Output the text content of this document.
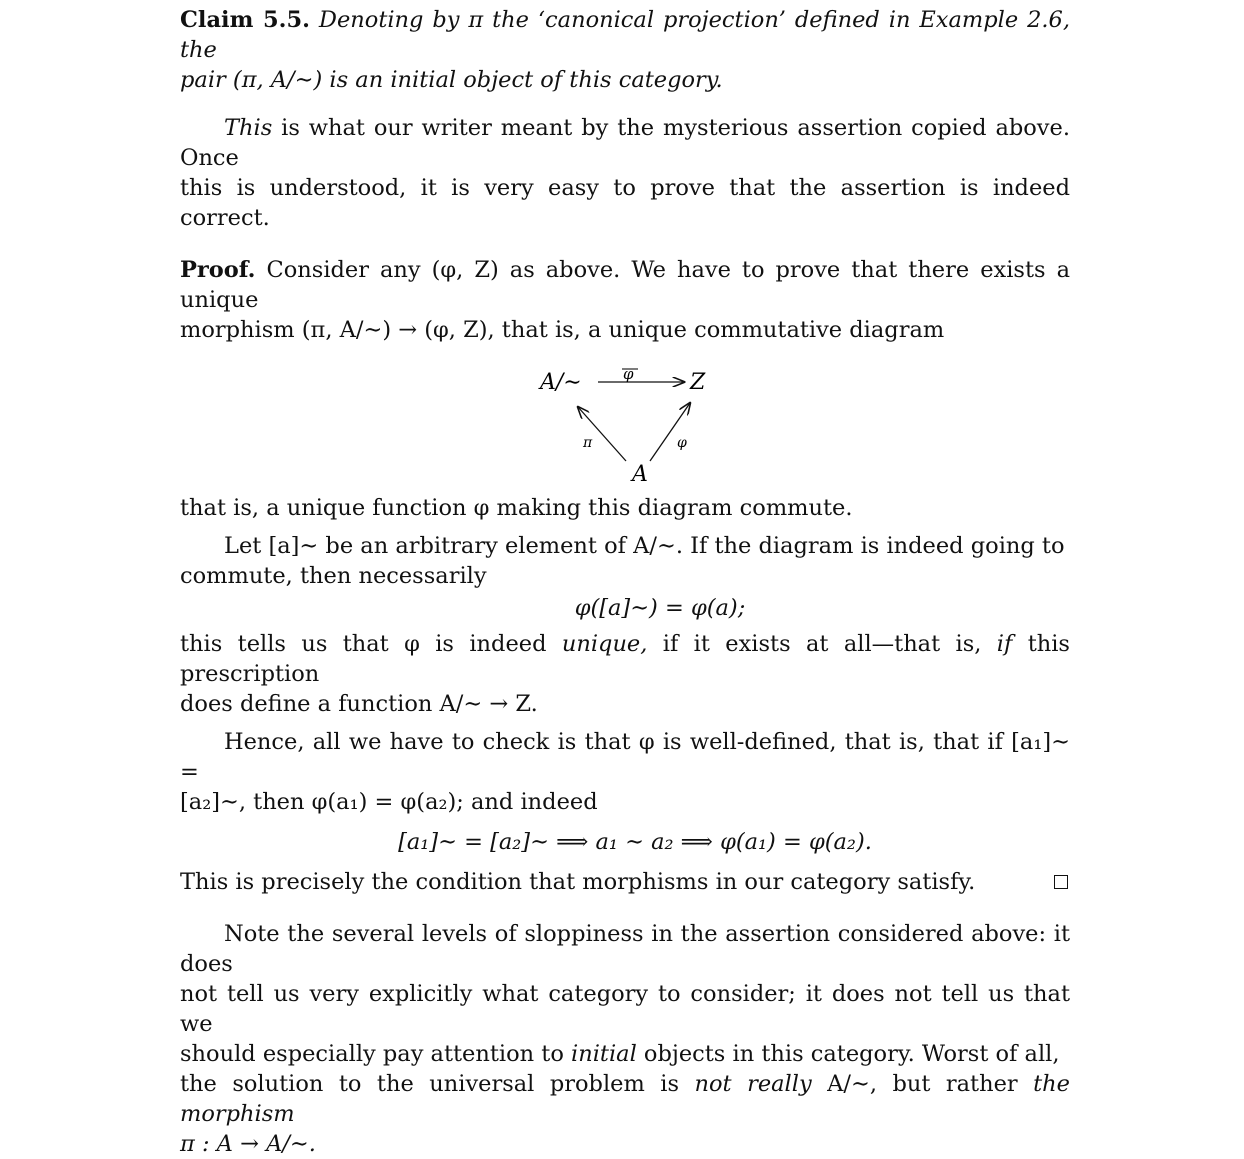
Claim 5.5. Denoting by π the ‘canonical projection’ defined in Example 2.6, the
pair (π, A/∼) is an initial object of this category.

This is what our writer meant by the mysterious assertion copied above. Once
this is understood, it is very easy to prove that the assertion is indeed correct.

Proof. Consider any (φ, Z) as above. We have to prove that there exists a unique
morphism (π, A/∼) → (φ, Z), that is, a unique commutative diagram

A/∼	Z
A
φ
π	φ

that is, a unique function φ making this diagram commute.

Let [a]∼ be an arbitrary element of A/∼. If the diagram is indeed going to
commute, then necessarily

φ([a]∼) = φ(a);

this tells us that φ is indeed unique, if it exists at all—that is, if this prescription
does define a function A/∼ → Z.

Hence, all we have to check is that φ is well-defined, that is, that if [a₁]∼ =
[a₂]∼, then φ(a₁) = φ(a₂); and indeed

[a₁]∼ = [a₂]∼ ⟹ a₁ ∼ a₂ ⟹ φ(a₁) = φ(a₂).

This is precisely the condition that morphisms in our category satisfy.

Note the several levels of sloppiness in the assertion considered above: it does
not tell us very explicitly what category to consider; it does not tell us that we
should especially pay attention to initial objects in this category. Worst of all,
the solution to the universal problem is not really A/∼, but rather the morphism
π : A → A/∼.
